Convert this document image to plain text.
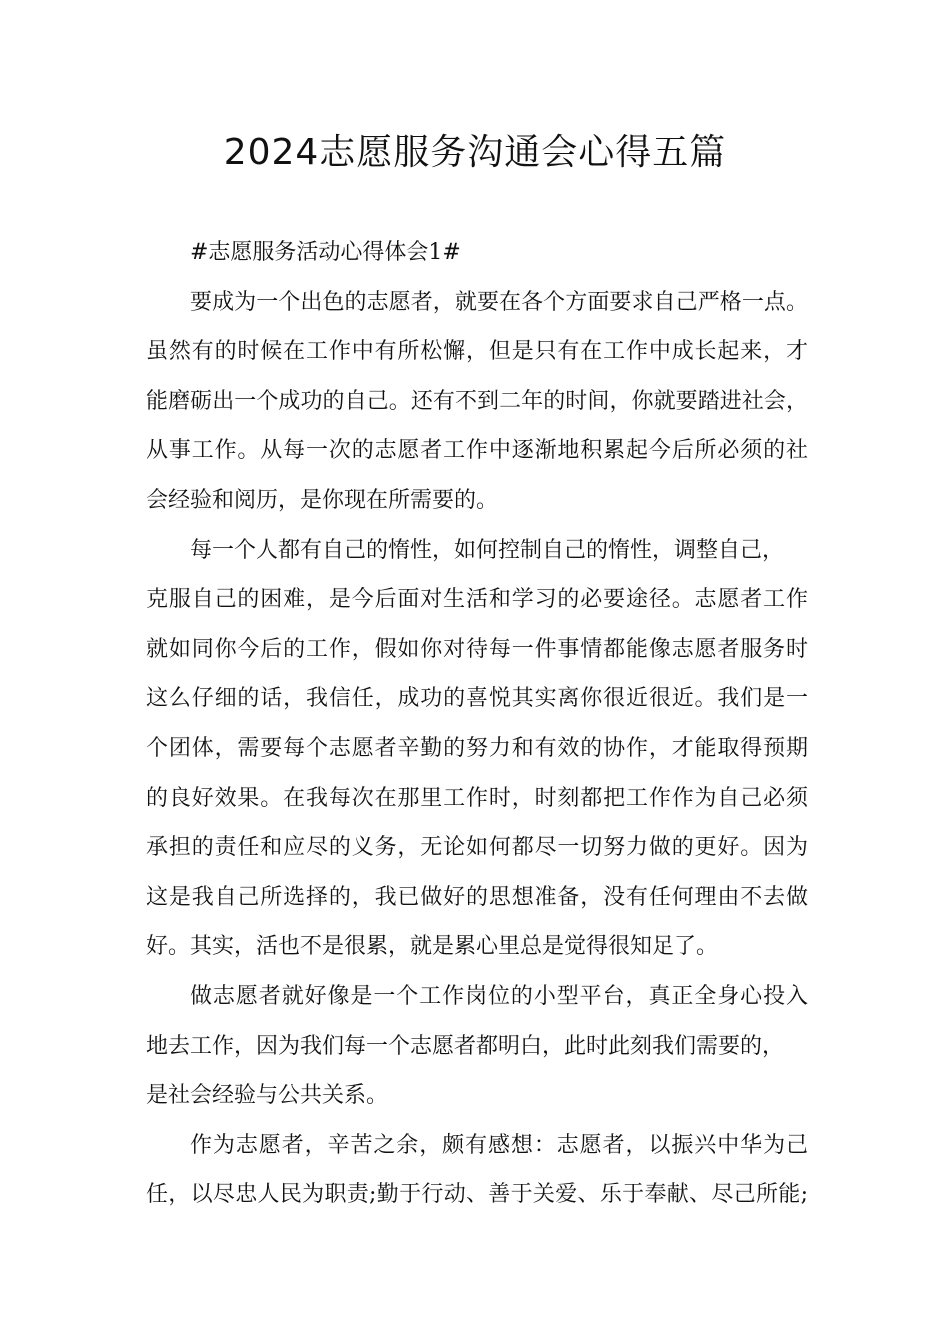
2024志愿服务沟通会心得五篇
#志愿服务活动心得体会1#
要成为一个出色的志愿者，就要在各个方面要求自己严格一点。
虽然有的时候在工作中有所松懈，但是只有在工作中成长起来，才
能磨砺出一个成功的自己。还有不到二年的时间，你就要踏进社会，
从事工作。从每一次的志愿者工作中逐渐地积累起今后所必须的社
会经验和阅历，是你现在所需要的。
每一个人都有自己的惰性，如何控制自己的惰性，调整自己，
克服自己的困难，是今后面对生活和学习的必要途径。志愿者工作
就如同你今后的工作，假如你对待每一件事情都能像志愿者服务时
这么仔细的话，我信任，成功的喜悦其实离你很近很近。我们是一
个团体，需要每个志愿者辛勤的努力和有效的协作，才能取得预期
的良好效果。在我每次在那里工作时，时刻都把工作作为自己必须
承担的责任和应尽的义务，无论如何都尽一切努力做的更好。因为
这是我自己所选择的，我已做好的思想准备，没有任何理由不去做
好。其实，活也不是很累，就是累心里总是觉得很知足了。
做志愿者就好像是一个工作岗位的小型平台，真正全身心投入
地去工作，因为我们每一个志愿者都明白，此时此刻我们需要的，
是社会经验与公共关系。
作为志愿者，辛苦之余，颇有感想：志愿者，以振兴中华为己
任，以尽忠人民为职责;勤于行动、善于关爱、乐于奉献、尽己所能;
